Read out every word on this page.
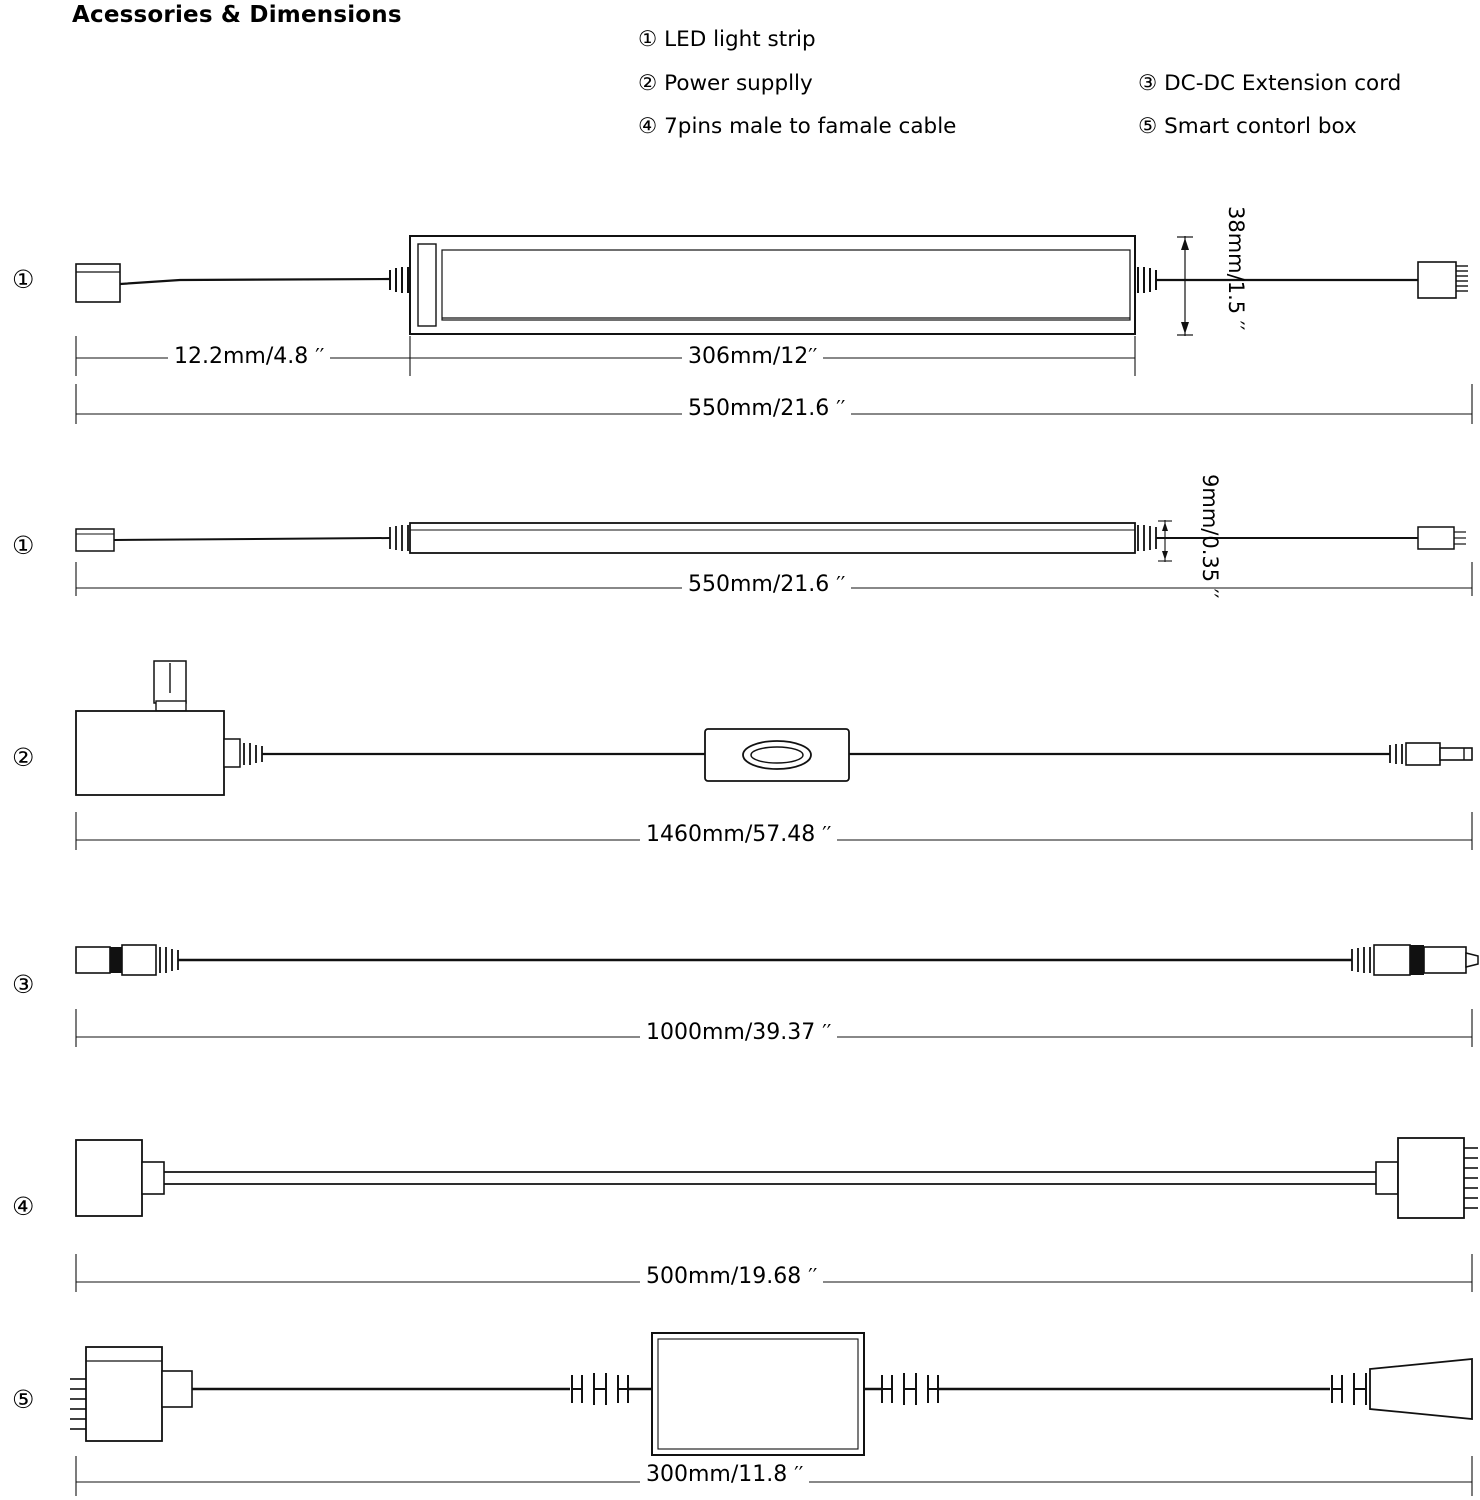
Acessories & Dimensions
① LED light strip
② Power supplly
④ 7pins male to famale cable
③ DC-DC Extension cord
⑤ Smart contorl box
①	38mm/1.5 ′′
12.2mm/4.8 ′′	306mm/12′′
550mm/21.6 ′′
①	9mm/0.35 ′′
550mm/21.6 ′′
②
1460mm/57.48 ′′
③
1000mm/39.37 ′′
④
500mm/19.68 ′′
⑤
300mm/11.8 ′′
